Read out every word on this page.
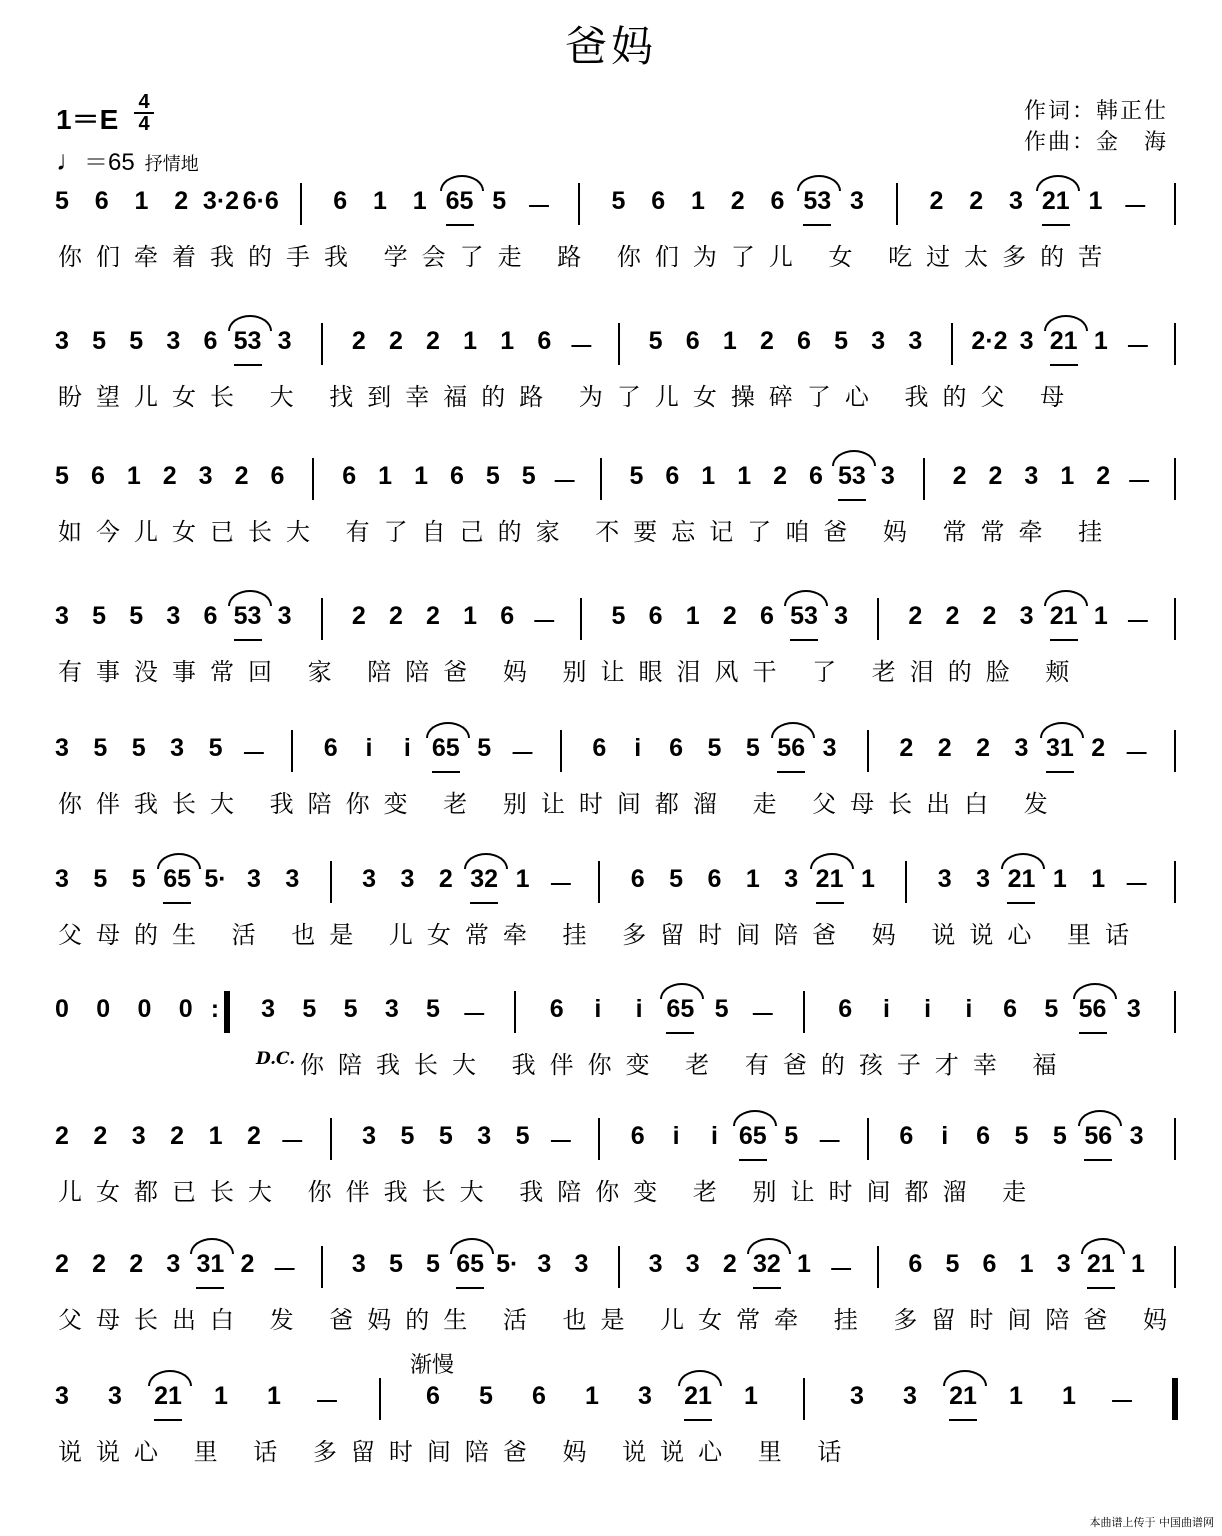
爸妈
1＝E
4
4
♩＝65 抒情地
作词：韩正仕
作曲：金　海
渐慢
本曲谱上传于 中国曲谱网
5 6 1 2 3·2 6·6 6 1 1 65 5 － 5 6 1 2 6 53 3	2 2 3 21 1 －
你们牵着我的手我 学会了走 路 你们为了儿 女 吃过太多的苦
3 5 5 3 6 53 3 2 2 2 1 1 6 － 5 6 1 2 6 5 3 3 2·2 3 21 1 －
盼望儿女长 大 找到幸福的路 为了儿女操碎了心 我的父 母
5 6 1 2 3 2 6 6 1 1 6 5 5 － 5 6 1 1 2 6 53 3 2 2 3 1 2 －
如今儿女已长大 有了自己的家 不要忘记了咱爸 妈 常常牵 挂
3 5 5 3 6 53 3 2 2 2 1 6 － 5 6 1 2 6 53 3 2 2 2 3 21 1 －
有事没事常回 家 陪陪爸 妈 别让眼泪风干 了 老泪的脸 颊
3 5 5 3 5 － 6 i i 65 5 － 6 i 6 5 5 56 3	2 2 2 3 31 2 －
你伴我长大 我陪你变 老 别让时间都溜 走 父母长出白 发
3 5 5 65 5· 3 3	3 3 2 32 1 － 6 5 6 1 3 21 1	3 3 21 1 1 －
父母的生 活 也是 儿女常牵 挂 多留时间陪爸 妈 说说心 里话
0 0 0 0 : 3 5 5 3 5 －	6 i i 65 5 －	6 i i i 6 5 56 3
D.C. 你陪我长大 我伴你变 老 有爸的孩子才幸 福
2 2 3 2 1 2 － 3 5 5 3 5 － 6 i i 65 5 － 6 i 6 5 5 56 3
儿女都已长大 你伴我长大 我陪你变 老 别让时间都溜 走
2 2 2 3 31 2 － 3 5 5 65 5· 3 3 3 3 2 32 1 － 6 5 6 1 3 21 1
父母长出白 发 爸妈的生 活 也是 儿女常牵 挂 多留时间陪爸 妈
3 3 21 1 1 －	6 5 6 1 3 21 1	3 3 21 1 1 －
说说心 里 话 多留时间陪爸 妈 说说心 里 话
